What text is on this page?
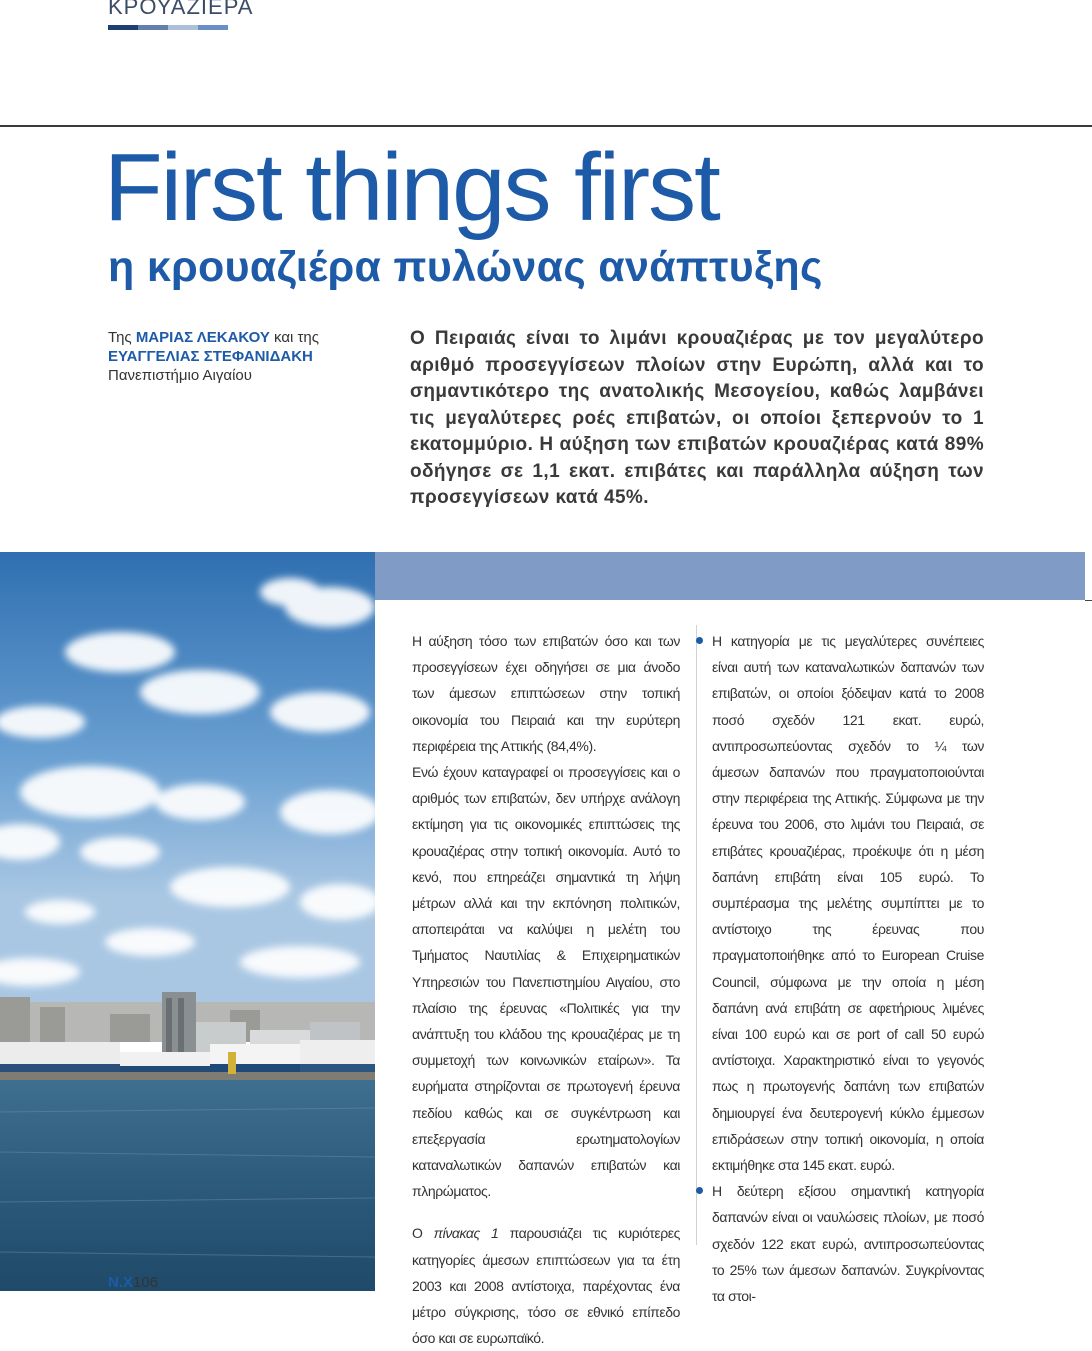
ΚΡΟΥΑΖΙΕΡΑ
First things first
η κρουαζιέρα πυλώνας ανάπτυξης
Της ΜΑΡΙΑΣ ΛΕΚΑΚΟΥ και της
ΕΥΑΓΓΕΛΙΑΣ ΣΤΕΦΑΝΙΔΑΚΗ
Πανεπιστήμιο Αιγαίου
Ο Πειραιάς είναι το λιμάνι κρουαζιέρας με τον μεγαλύτερο αριθμό προσεγγίσεων πλοίων στην Ευρώπη, αλλά και το σημαντικότερο της ανατολικής Μεσογείου, καθώς λαμβάνει τις μεγαλύτερες ροές επιβατών, οι οποίοι ξεπερνούν το 1 εκατομμύριο. Η αύξηση των επιβατών κρουαζιέρας κατά 89% οδήγησε σε 1,1 εκατ. επιβάτες και παράλληλα αύξηση των προσεγγίσεων κατά 45%.

Η αύξηση τόσο των επιβατών όσο και των προσεγγίσεων έχει οδηγήσει σε μια άνοδο των άμεσων επιπτώσεων στην τοπική οικονομία του Πειραιά και την ευρύτερη περιφέρεια της Αττικής (84,4%).

Ενώ έχουν καταγραφεί οι προσεγγίσεις και ο αριθμός των επιβατών, δεν υπήρχε ανάλογη εκτίμηση για τις οικονομικές επιπτώσεις της κρουαζιέρας στην τοπική οικονομία. Αυτό το κενό, που επηρεάζει σημαντικά τη λήψη μέτρων αλλά και την εκπόνηση πολιτικών, αποπειράται να καλύψει η μελέτη του Τμήματος Ναυτιλίας & Επιχειρηματικών Υπηρεσιών του Πανεπιστημίου Αιγαίου, στο πλαίσιο της έρευνας «Πολιτικές για την ανάπτυξη του κλάδου της κρουαζιέρας με τη συμμετοχή των κοινωνικών εταίρων». Τα ευρήματα στηρίζονται σε πρωτογενή έρευνα πεδίου καθώς και σε συγκέντρωση και επεξεργασία ερωτηματολογίων καταναλωτικών δαπανών επιβατών και πληρώματος.

Ο πίνακας 1 παρουσιάζει τις κυριότερες κατηγορίες άμεσων επιπτώσεων για τα έτη 2003 και 2008 αντίστοιχα, παρέχοντας ένα μέτρο σύγκρισης, τόσο σε εθνικό επίπεδο όσο και σε ευρωπαϊκό.

Η κατηγορία με τις μεγαλύτερες συνέπειες είναι αυτή των καταναλωτικών δαπανών των επιβατών, οι οποίοι ξόδεψαν κατά το 2008 ποσό σχεδόν 121 εκατ. ευρώ, αντιπροσωπεύοντας σχεδόν το ¼ των άμεσων δαπανών που πραγματοποιούνται στην περιφέρεια της Αττικής. Σύμφωνα με την έρευνα του 2006, στο λιμάνι του Πειραιά, σε επιβάτες κρουαζιέρας, προέκυψε ότι η μέση δαπάνη επιβάτη είναι 105 ευρώ. Το συμπέρασμα της μελέτης συμπίπτει με το αντίστοιχο της έρευνας που πραγματοποιήθηκε από το European Cruise Council, σύμφωνα με την οποία η μέση δαπάνη ανά επιβάτη σε αφετήριους λιμένες είναι 100 ευρώ και σε port of call 50 ευρώ αντίστοιχα. Χαρακτηριστικό είναι το γεγονός πως η πρωτογενής δαπάνη των επιβατών δημιουργεί ένα δευτερογενή κύκλο έμμεσων επιδράσεων στην τοπική οικονομία, η οποία εκτιμήθηκε στα 145 εκατ. ευρώ.

Η δεύτερη εξίσου σημαντική κατηγορία δαπανών είναι οι ναυλώσεις πλοίων, με ποσό σχεδόν 122 εκατ ευρώ, αντιπροσωπεύοντας το 25% των άμεσων δαπανών. Συγκρίνοντας τα στοι-

N.X106
